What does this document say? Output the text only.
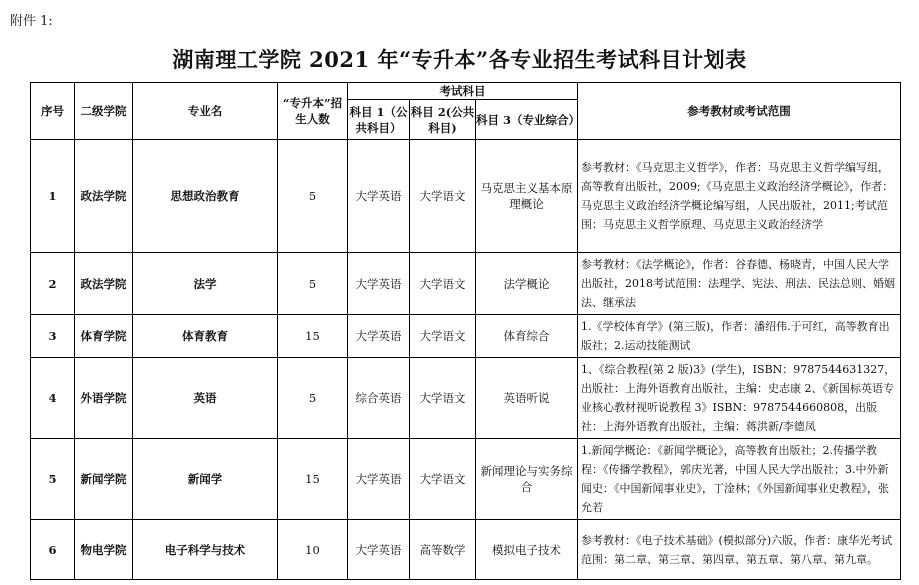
附件 1:
湖南理工学院 2021 年“专升本”各专业招生考试科目计划表
序号	二级学院	专业名	“专升本”招生人数	考试科目			参考教材或考试范围
				科目 1（公共科目）	科目 2(公共科目)	科目 3（专业综合）	
1	政法学院	思想政治教育	5	大学英语	大学语文	马克思主义基本原理概论	参考教材：《马克思主义哲学》，作者：马克思主义哲学编写组，高等教育出版社，2009;《马克思主义政治经济学概论》，作者：马克思主义政治经济学概论编写组，人民出版社，2011;考试范围：马克思主义哲学原理、马克思主义政治经济学
2	政法学院	法学	5	大学英语	大学语文	法学概论	参考教材：《法学概论》，作者：谷春德、杨晓青，中国人民大学出版社，2018考试范围：法理学、宪法、刑法、民法总则、婚姻法、继承法
3	体育学院	体育教育	15	大学英语	大学语文	体育综合	1.《学校体育学》(第三版)，作者：潘绍伟.于可红，高等教育出版社；2.运动技能测试
4	外语学院	英语	5	综合英语	大学语文	英语听说	1、《综合教程(第 2 版)3》(学生)，ISBN：9787544631327，出版社：上海外语教育出版社，主编：史志康 2、《新国标英语专业核心教材视听说教程 3》ISBN：9787544660808，出版社：上海外语教育出版社，主编：蒋洪新/李德凤
5	新闻学院	新闻学	15	大学英语	大学语文	新闻理论与实务综合	1.新闻学概论：《新闻学概论》，高等教育出版社；2.传播学教程：《传播学教程》，郭庆光著，中国人民大学出版社；3.中外新闻史：《中国新闻事业史》，丁淦林；《外国新闻事业史教程》，张允若
6	物电学院	电子科学与技术	10	大学英语	高等数学	模拟电子技术	参考教材：《电子技术基础》(模拟部分)六版，作者：康华光考试范围：第二章、第三章、第四章、第五章、第八章、第九章。
